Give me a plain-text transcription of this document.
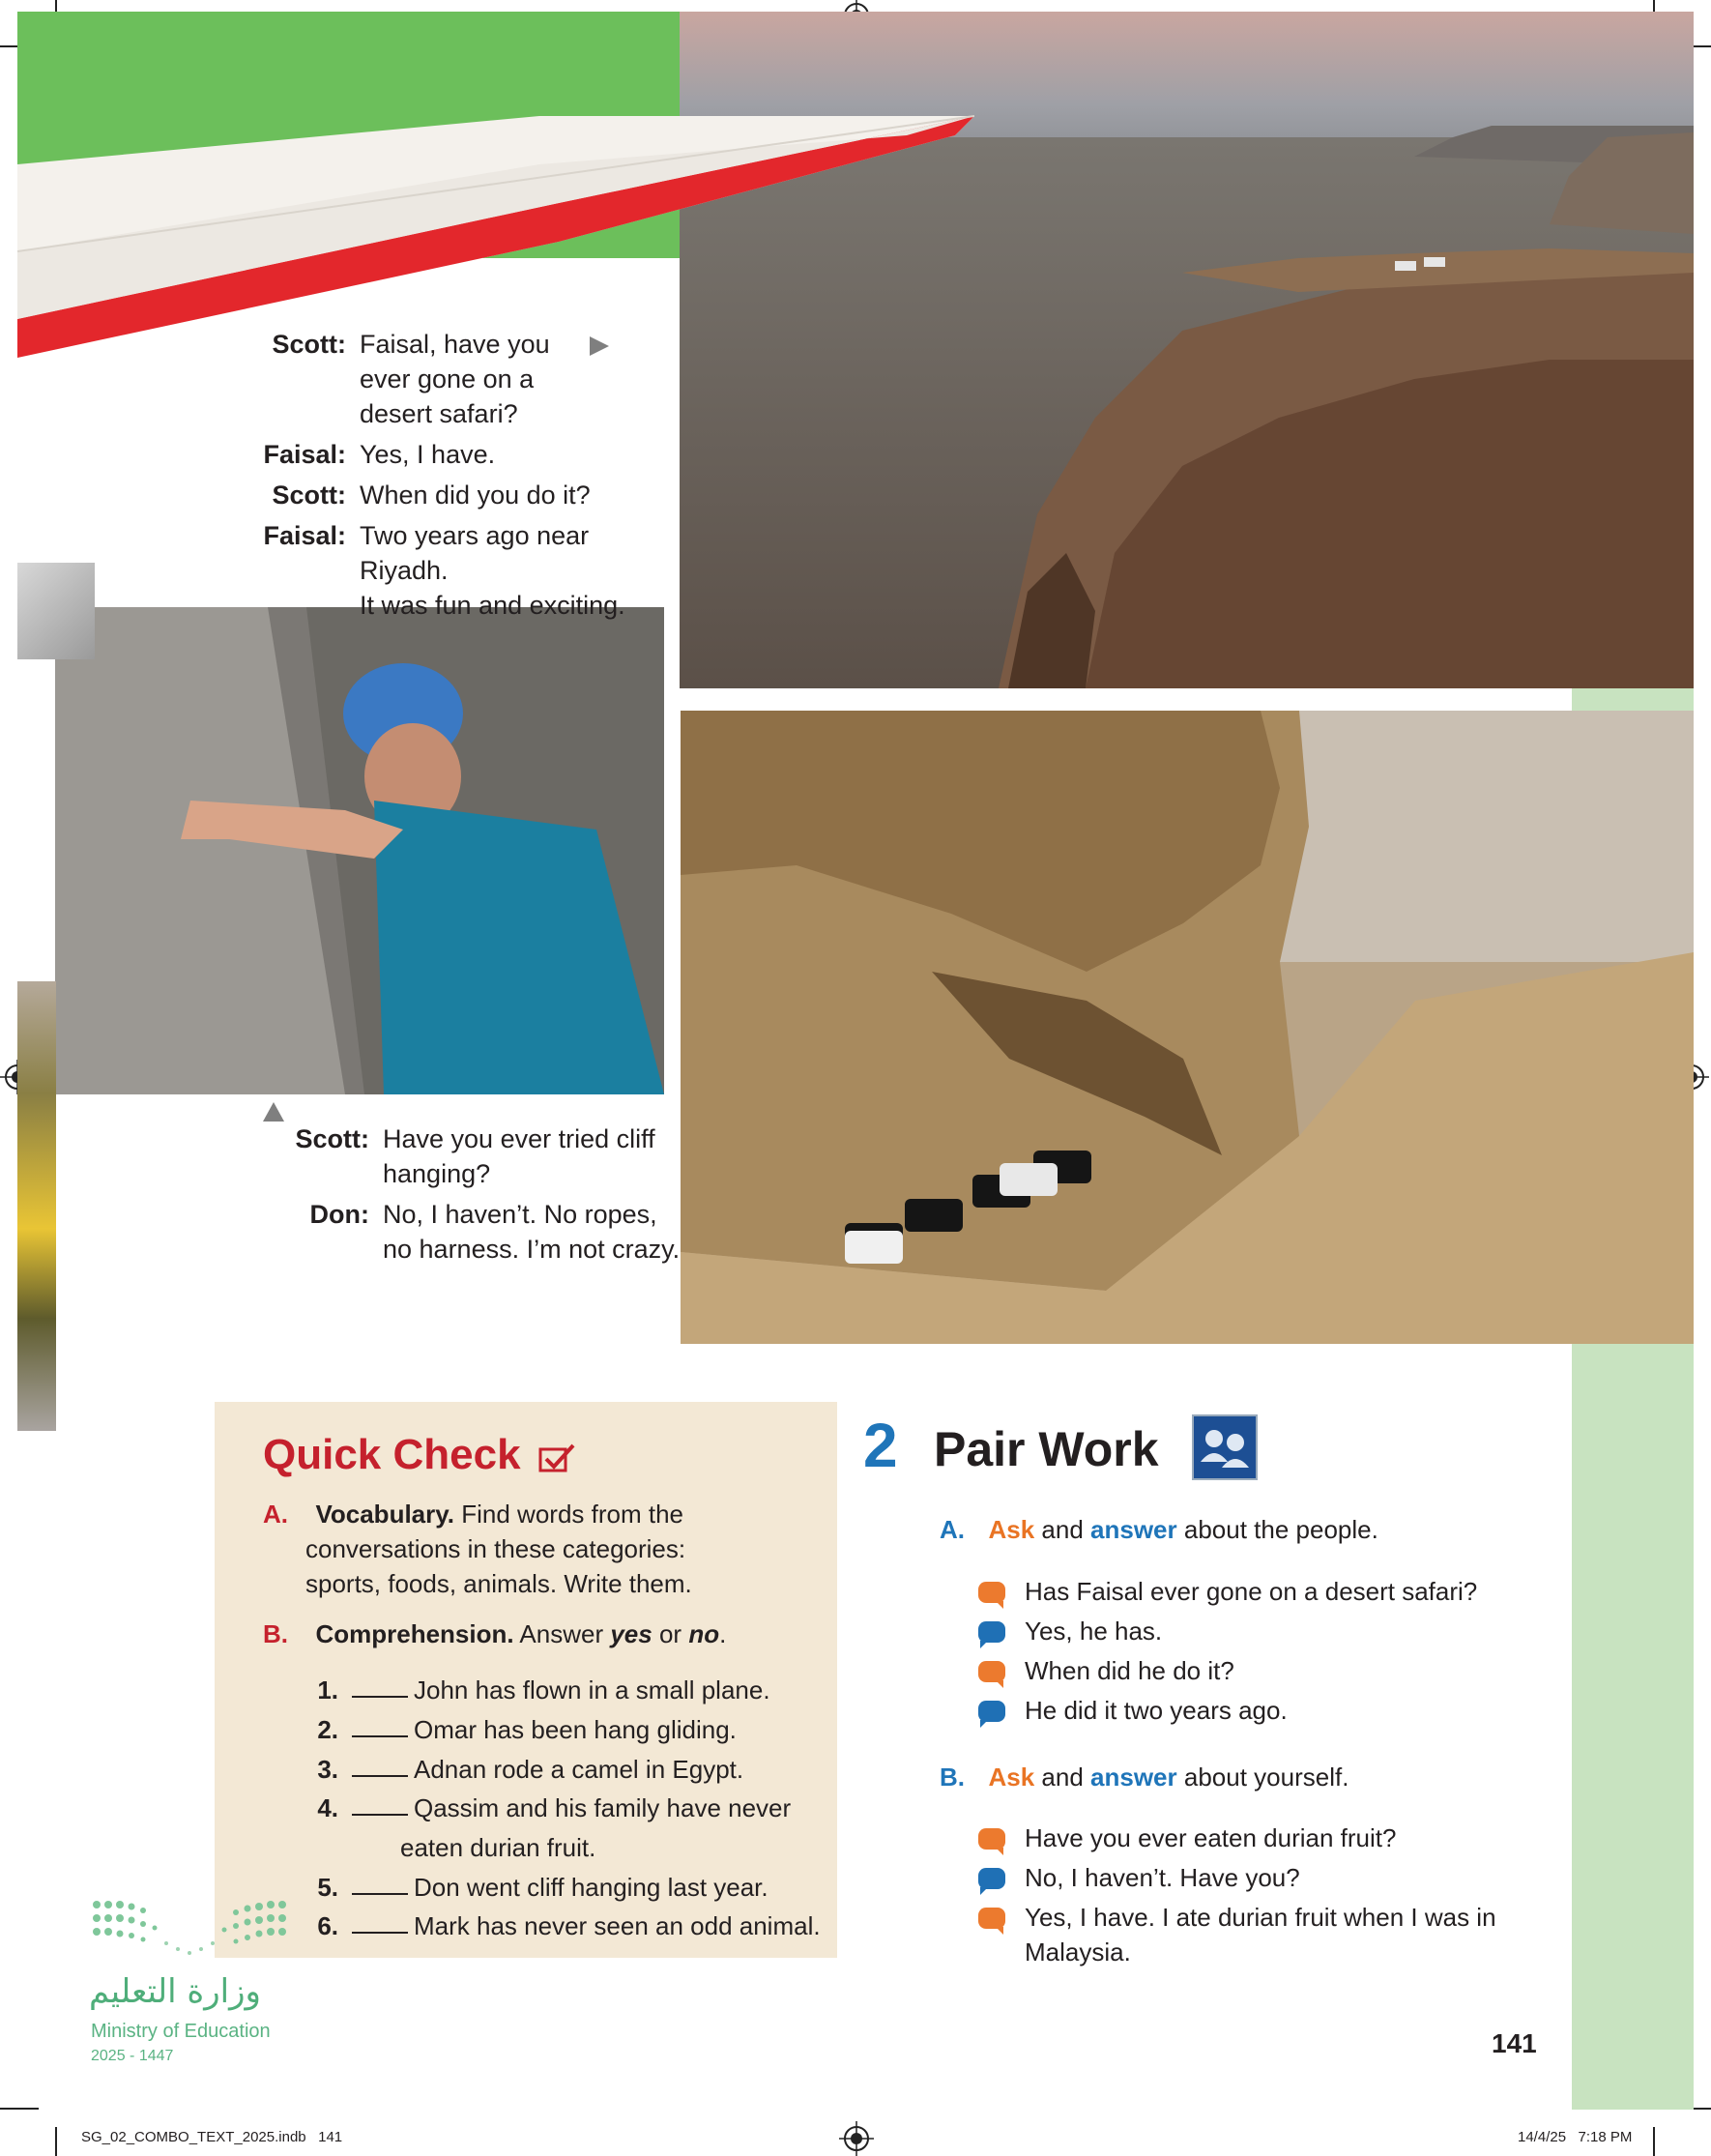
Scott: Faisal, have you
ever gone on a
desert safari?
Faisal: Yes, I have.
Scott: When did you do it?
Faisal: Two years ago near Riyadh.
It was fun and exciting.
Scott: Have you ever tried cliff
hanging?
Don: No, I haven’t. No ropes,
no harness. I’m not crazy.
Quick Check
A. Vocabulary. Find words from the
conversations in these categories:
sports, foods, animals. Write them.
B. Comprehension. Answer yes or no.
1.	John has flown in a small plane.
2.	Omar has been hang gliding.
3.	Adnan rode a camel in Egypt.
4.	Qassim and his family have never
eaten durian fruit.
5.	Don went cliff hanging last year.
6.	Mark has never seen an odd animal.
2 Pair Work
A. Ask and answer about the people.
Has Faisal ever gone on a desert safari?
Yes, he has.
When did he do it?
He did it two years ago.
B. Ask and answer about yourself.
Have you ever eaten durian fruit?
No, I haven’t. Have you?
Yes, I have. I ate durian fruit when I was in
Malaysia.
وزارة التعليم
Ministry of Education
2025 - 1447	141
SG_02_COMBO_TEXT_2025.indb   141	14/4/25   7:18 PM
